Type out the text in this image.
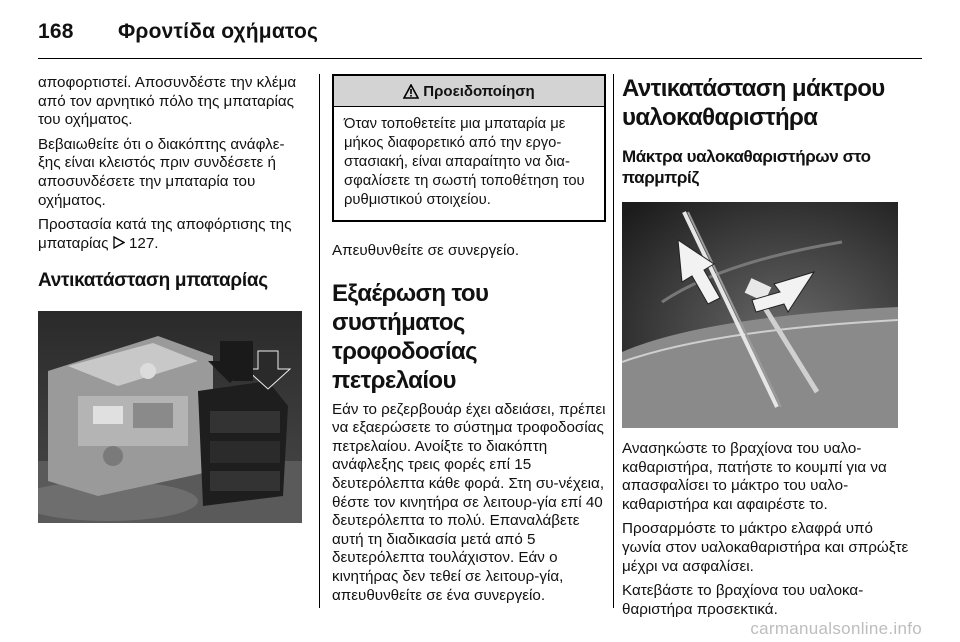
168 Φροντίδα οχήματος

αποφορτιστεί. Αποσυνδέστε την κλέμα από τον αρνητικό πόλο της μπαταρίας του οχήματος.

Βεβαιωθείτε ότι ο διακόπτης ανάφλε-ξης είναι κλειστός πριν συνδέσετε ή αποσυνδέσετε την μπαταρία του οχήματος.

Προστασία κατά της αποφόρτισης της μπαταρίας 127.

Αντικατάσταση μπαταρίας
Προειδοποίηση
Όταν τοποθετείτε μια μπαταρία με μήκος διαφορετικό από την εργο-στασιακή, είναι απαραίτητο να δια-σφαλίσετε τη σωστή τοποθέτηση του ρυθμιστικού στοιχείου.

Απευθυνθείτε σε συνεργείο.

Εξαέρωση του συστήματος τροφοδοσίας πετρελαίου

Εάν το ρεζερβουάρ έχει αδειάσει, πρέπει να εξαερώσετε το σύστημα τροφοδοσίας πετρελαίου. Ανοίξτε το διακόπτη ανάφλεξης τρεις φορές επί 15 δευτερόλεπτα κάθε φορά. Στη συ-νέχεια, θέστε τον κινητήρα σε λειτουρ-γία επί 40 δευτερόλεπτα το πολύ. Επαναλάβετε αυτή τη διαδικασία μετά από 5 δευτερόλεπτα τουλάχιστον. Εάν ο κινητήρας δεν τεθεί σε λειτουρ-γία, απευθυνθείτε σε ένα συνεργείο.

Αντικατάσταση μάκτρου υαλοκαθαριστήρα
Μάκτρα υαλοκαθαριστήρων στο παρμπρίζ

Ανασηκώστε το βραχίονα του υαλο-καθαριστήρα, πατήστε το κουμπί για να απασφαλίσει το μάκτρο του υαλο-καθαριστήρα και αφαιρέστε το.

Προσαρμόστε το μάκτρο ελαφρά υπό γωνία στον υαλοκαθαριστήρα και σπρώξτε μέχρι να ασφαλίσει.

Κατεβάστε το βραχίονα του υαλοκα-θαριστήρα προσεκτικά.

carmanualsonline.info
